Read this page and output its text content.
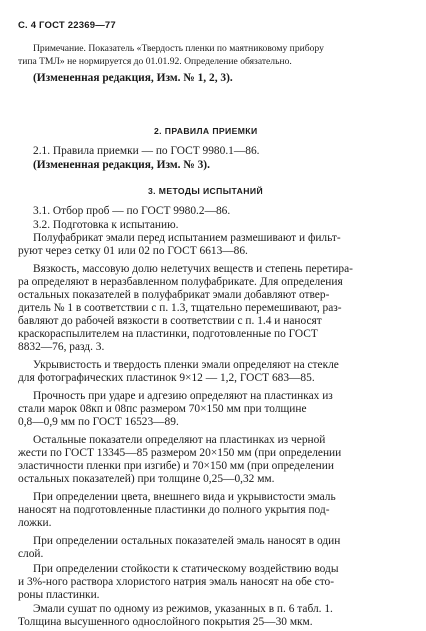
С. 4 ГОСТ 22369—77
Примечание. Показатель «Твердость пленки по маятниковому прибору
типа ТМЛ» не нормируется до 01.01.92. Определение обязательно.
(Измененная редакция, Изм. № 1, 2, 3).
2. ПРАВИЛА ПРИЕМКИ
2.1. Правила приемки — по ГОСТ 9980.1—86.
(Измененная редакция, Изм. № 3).
3. МЕТОДЫ ИСПЫТАНИЙ
3.1. Отбор проб — по ГОСТ 9980.2—86.
3.2. Подготовка к испытанию.
Полуфабрикат эмали перед испытанием размешивают и фильт-
руют через сетку 01 или 02 по ГОСТ 6613—86.
Вязкость, массовую долю нелетучих веществ и степень перетира-
ра определяют в неразбавленном полуфабрикате. Для определения
остальных показателей в полуфабрикат эмали добавляют отвер-
дитель № 1 в соответствии с п. 1.3, тщательно перемешивают, раз-
бавляют до рабочей вязкости в соответствии с п. 1.4 и наносят
краскораспылителем на пластинки, подготовленные по ГОСТ
8832—76, разд. 3.
Укрывистость и твердость пленки эмали определяют на стекле
для фотографических пластинок 9×12 — 1,2, ГОСТ 683—85.
Прочность при ударе и адгезию определяют на пластинках из
стали марок 08кп и 08пс размером 70×150 мм при толщине
0,8—0,9 мм по ГОСТ 16523—89.
Остальные показатели определяют на пластинках из черной
жести по ГОСТ 13345—85 размером 20×150 мм (при определении
эластичности пленки при изгибе) и 70×150 мм (при определении
остальных показателей) при толщине 0,25—0,32 мм.
При определении цвета, внешнего вида и укрывистости эмаль
наносят на подготовленные пластинки до полного укрытия под-
ложки.
При определении остальных показателей эмаль наносят в один
слой.
При определении стойкости к статическому воздействию воды
и 3%-ного раствора хлористого натрия эмаль наносят на обе сто-
роны пластинки.
Эмали сушат по одному из режимов, указанных в п. 6 табл. 1.
Толщина высушенного однослойного покрытия 25—30 мкм.
